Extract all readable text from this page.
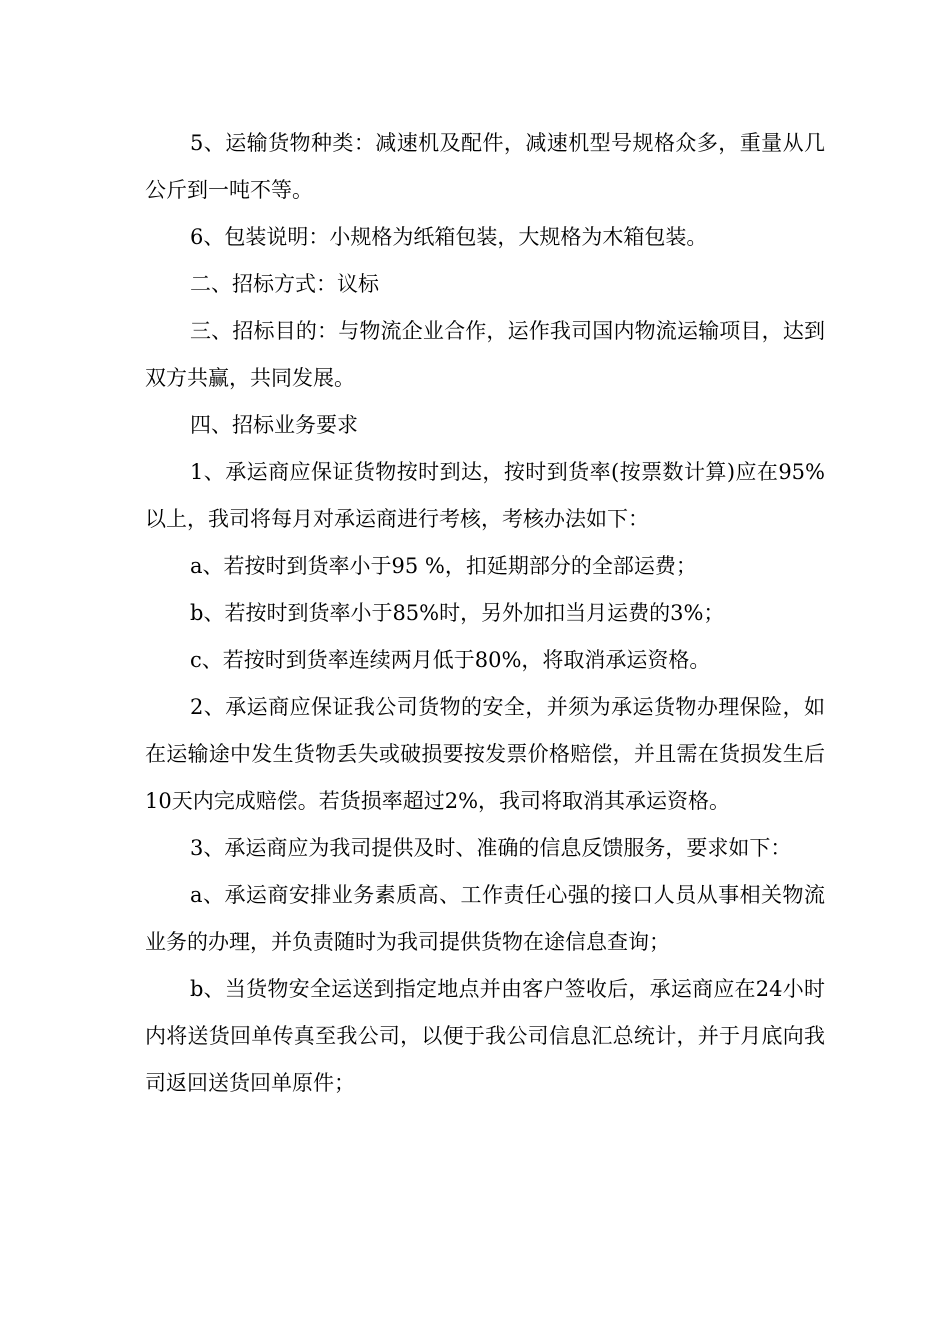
5、运输货物种类：减速机及配件，减速机型号规格众多，重量从几公斤到一吨不等。

6、包装说明：小规格为纸箱包装，大规格为木箱包装。

二、招标方式：议标

三、招标目的：与物流企业合作，运作我司国内物流运输项目，达到双方共赢，共同发展。

四、招标业务要求

1、承运商应保证货物按时到达，按时到货率(按票数计算)应在95%以上，我司将每月对承运商进行考核，考核办法如下：

a、若按时到货率小于95 %，扣延期部分的全部运费；

b、若按时到货率小于85%时，另外加扣当月运费的3%；

c、若按时到货率连续两月低于80%，将取消承运资格。

2、承运商应保证我公司货物的安全，并须为承运货物办理保险，如在运输途中发生货物丢失或破损要按发票价格赔偿，并且需在货损发生后10天内完成赔偿。若货损率超过2%，我司将取消其承运资格。

3、承运商应为我司提供及时、准确的信息反馈服务，要求如下：

a、承运商安排业务素质高、工作责任心强的接口人员从事相关物流业务的办理，并负责随时为我司提供货物在途信息查询；

b、当货物安全运送到指定地点并由客户签收后，承运商应在24小时内将送货回单传真至我公司，以便于我公司信息汇总统计，并于月底向我司返回送货回单原件；
